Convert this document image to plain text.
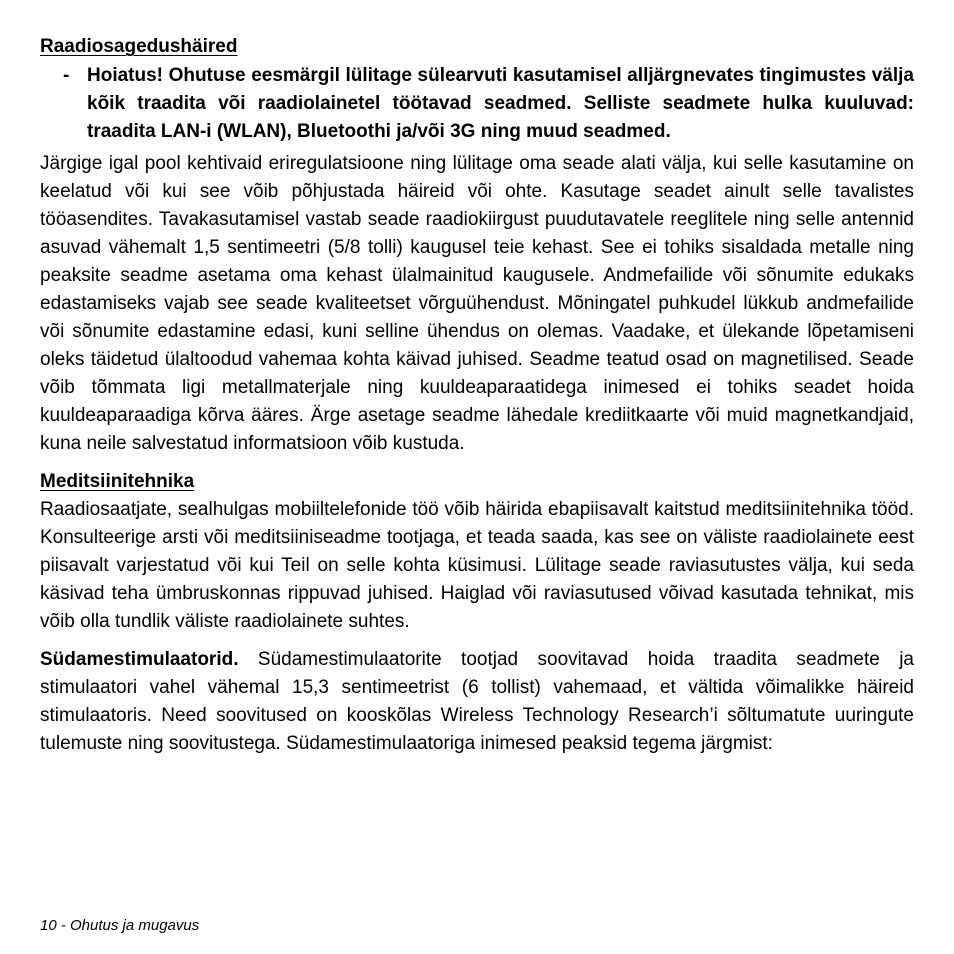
Raadiosagedushäired
- Hoiatus! Ohutuse eesmärgil lülitage sülearvuti kasutamisel alljärgnevates tingimustes välja kõik traadita või raadiolainetel töötavad seadmed. Selliste seadmete hulka kuuluvad: traadita LAN-i (WLAN), Bluetoothi ja/või 3G ning muud seadmed.

Järgige igal pool kehtivaid eriregulatsioone ning lülitage oma seade alati välja, kui selle kasutamine on keelatud või kui see võib põhjustada häireid või ohte. Kasutage seadet ainult selle tavalistes tööasendites. Tavakasutamisel vastab seade raadiokiirgust puudutavatele reeglitele ning selle antennid asuvad vähemalt 1,5 sentimeetri (5/8 tolli) kaugusel teie kehast. See ei tohiks sisaldada metalle ning peaksite seadme asetama oma kehast ülalmainitud kaugusele. Andmefailide või sõnumite edukaks edastamiseks vajab see seade kvaliteetset võrguühendust. Mõningatel puhkudel lükkub andmefailide või sõnumite edastamine edasi, kuni selline ühendus on olemas. Vaadake, et ülekande lõpetamiseni oleks täidetud ülaltoodud vahemaa kohta käivad juhised. Seadme teatud osad on magnetilised. Seade võib tõmmata ligi metallmaterjale ning kuuldeaparaatidega inimesed ei tohiks seadet hoida kuuldeaparaadiga kõrva ääres. Ärge asetage seadme lähedale krediitkaarte või muid magnetkandjaid, kuna neile salvestatud informatsioon võib kustuda.

Meditsiinitehnika

Raadiosaatjate, sealhulgas mobiiltelefonide töö võib häirida ebapiisavalt kaitstud meditsiinitehnika tööd. Konsulteerige arsti või meditsiiniseadme tootjaga, et teada saada, kas see on väliste raadiolainete eest piisavalt varjestatud või kui Teil on selle kohta küsimusi. Lülitage seade raviasutustes välja, kui seda käsivad teha ümbruskonnas rippuvad juhised. Haiglad või raviasutused võivad kasutada tehnikat, mis võib olla tundlik väliste raadiolainete suhtes.

Südamestimulaatorid. Südamestimulaatorite tootjad soovitavad hoida traadita seadmete ja stimulaatori vahel vähemal 15,3 sentimeetrist (6 tollist) vahemaad, et vältida võimalikke häireid stimulaatoris. Need soovitused on kooskõlas Wireless Technology Research’i sõltumatute uuringute tulemuste ning soovitustega. Südamestimulaatoriga inimesed peaksid tegema järgmist:

10 - Ohutus ja mugavus
